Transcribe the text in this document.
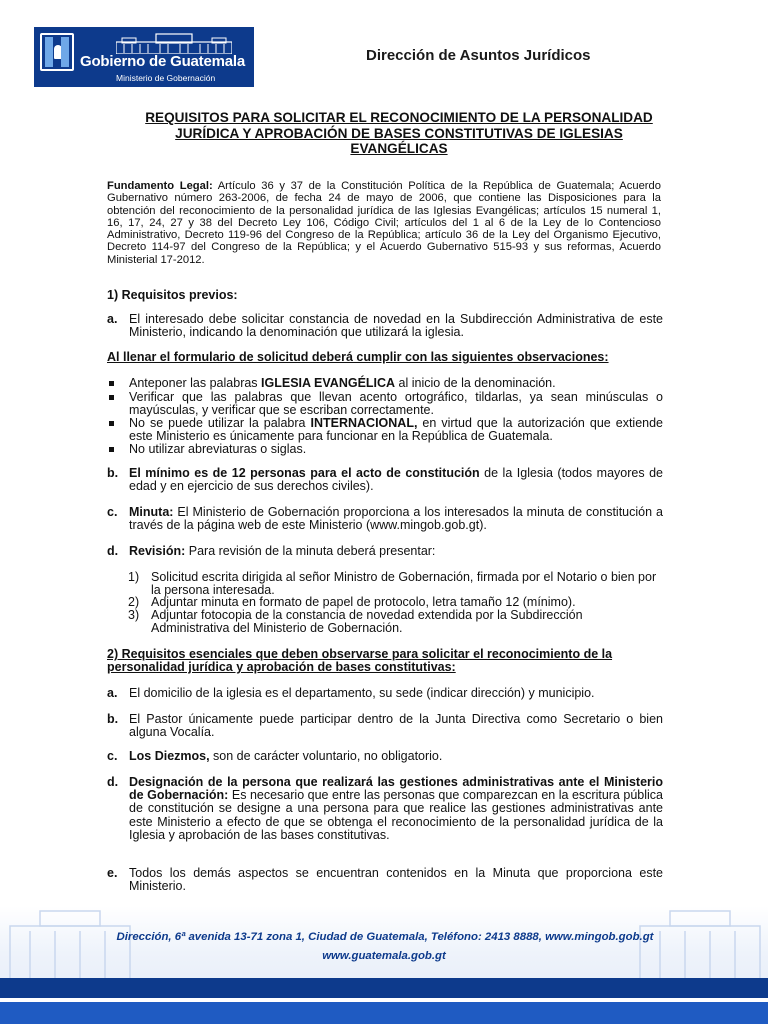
Gobierno de Guatemala
Ministerio de Gobernación
Dirección de Asuntos Jurídicos
REQUISITOS PARA SOLICITAR EL RECONOCIMIENTO DE LA PERSONALIDAD JURÍDICA Y APROBACIÓN DE BASES CONSTITUTIVAS DE IGLESIAS EVANGÉLICAS
Fundamento Legal: Artículo 36 y 37 de la Constitución Política de la República de Guatemala; Acuerdo Gubernativo número 263-2006, de fecha 24 de mayo de 2006, que contiene las Disposiciones para la obtención del reconocimiento de la personalidad jurídica de las Iglesias Evangélicas; artículos 15 numeral 1, 16, 17, 24, 27 y 38 del Decreto Ley 106, Código Civil; artículos del 1 al 6 de la Ley de lo Contencioso Administrativo, Decreto 119-96 del Congreso de la República; artículo 36 de la Ley del Organismo Ejecutivo, Decreto 114-97 del Congreso de la República; y el Acuerdo Gubernativo 515-93 y sus reformas, Acuerdo Ministerial 17-2012.
1) Requisitos previos:
a. El interesado debe solicitar constancia de novedad en la Subdirección Administrativa de este Ministerio, indicando la denominación que utilizará la iglesia.
Al llenar el formulario de solicitud deberá cumplir con las siguientes observaciones:
Anteponer las palabras IGLESIA EVANGÉLICA al inicio de la denominación.
Verificar que las palabras que llevan acento ortográfico, tildarlas, ya sean minúsculas o mayúsculas, y verificar que se escriban correctamente.
No se puede utilizar la palabra INTERNACIONAL, en virtud que la autorización que extiende este Ministerio es únicamente para funcionar en la República de Guatemala.
No utilizar abreviaturas o siglas.
b. El mínimo es de 12 personas para el acto de constitución de la Iglesia (todos mayores de edad y en ejercicio de sus derechos civiles).
c. Minuta: El Ministerio de Gobernación proporciona a los interesados la minuta de constitución a través de la página web de este Ministerio (www.mingob.gob.gt).
d. Revisión: Para revisión de la minuta deberá presentar:
1) Solicitud escrita dirigida al señor Ministro de Gobernación, firmada por el Notario o bien por la persona interesada.
2) Adjuntar minuta en formato de papel de protocolo, letra tamaño 12 (mínimo).
3) Adjuntar fotocopia de la constancia de novedad extendida por la Subdirección Administrativa del Ministerio de Gobernación.
2) Requisitos esenciales que deben observarse para solicitar el reconocimiento de la personalidad jurídica y aprobación de bases constitutivas:
a. El domicilio de la iglesia es el departamento, su sede (indicar dirección) y municipio.
b. El Pastor únicamente puede participar dentro de la Junta Directiva como Secretario o bien alguna Vocalía.
c. Los Diezmos, son de carácter voluntario, no obligatorio.
d. Designación de la persona que realizará las gestiones administrativas ante el Ministerio de Gobernación: Es necesario que entre las personas que comparezcan en la escritura pública de constitución se designe a una persona para que realice las gestiones administrativas ante este Ministerio a efecto de que se obtenga el reconocimiento de la personalidad jurídica de la Iglesia y aprobación de las bases constitutivas.
e. Todos los demás aspectos se encuentran contenidos en la Minuta que proporciona este Ministerio.
Dirección, 6ª avenida 13-71 zona 1, Ciudad de Guatemala, Teléfono: 2413 8888, www.mingob.gob.gt
www.guatemala.gob.gt
